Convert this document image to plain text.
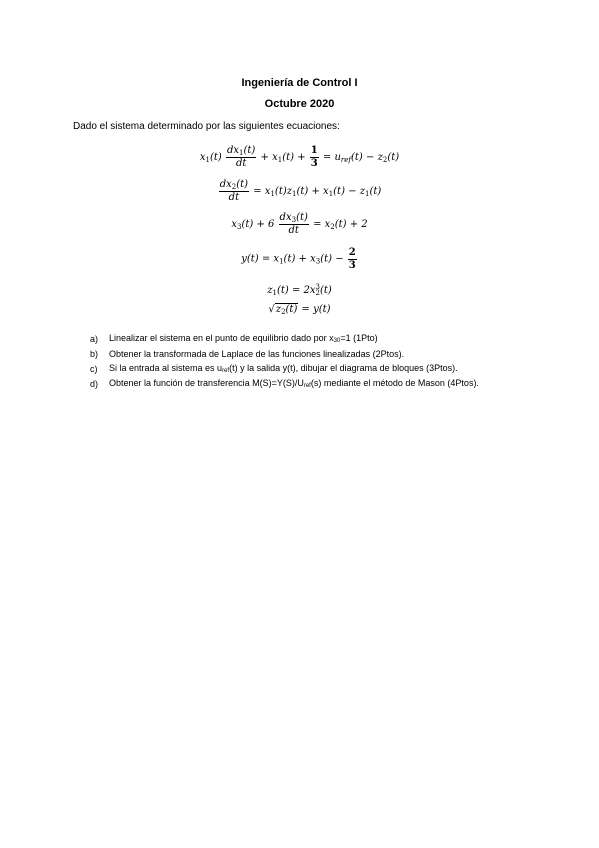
Ingeniería de Control I
Octubre 2020
Dado el sistema determinado por las siguientes ecuaciones:
$x_1(t) \frac{dx_1(t)}{dt} + x_1(t) + \frac{1}{3} = u_{ref}(t) - z_2(t)$
$\frac{dx_2(t)}{dt} = x_1(t)z_1(t) + x_1(t) - z_1(t)$
$x_3(t) + 6 \frac{dx_3(t)}{dt} = x_2(t) + 2$
$y(t) = x_1(t) + x_3(t) - \frac{2}{3}$
$z_1(t) = 2x$ 3
2 (t)
$√z_2(t) = y(t)$
a)	Linealizar el sistema en el punto de equilibrio dado por $x_{30}=1$ (1Pto)
b)	Obtener la transformada de Laplace de las funciones linealizadas (2Ptos).
c)	Si la entrada al sistema es $u_{ref}(t)$ y la salida y(t), dibujar el diagrama de bloques (3Ptos).
d)	Obtener la función de transferencia $M(S)=Y(S)/U_{ref}(s)$ mediante el método de Mason (4Ptos).
